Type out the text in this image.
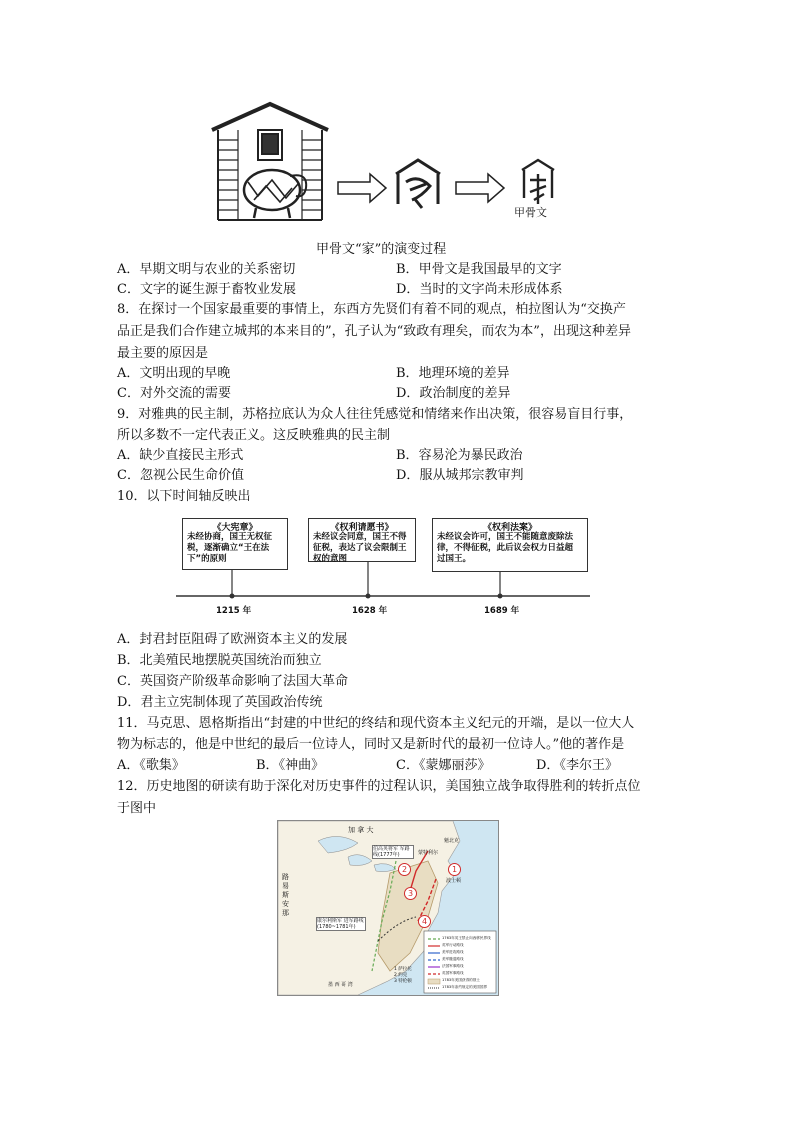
甲骨文
甲骨文“家”的演变过程
A．早期文明与农业的关系密切	B．甲骨文是我国最早的文字
C．文字的诞生源于畜牧业发展	D．当时的文字尚未形成体系
8．在探讨一个国家最重要的事情上，东西方先贤们有着不同的观点，柏拉图认为“交换产
品正是我们合作建立城邦的本来目的”，孔子认为“致政有理矣，而农为本”，出现这种差异
最主要的原因是
A．文明出现的早晚	B．地理环境的差异
C．对外交流的需要	D．政治制度的差异
9．对雅典的民主制，苏格拉底认为众人往往凭感觉和情绪来作出决策，很容易盲目行事，
所以多数不一定代表正义。这反映雅典的民主制
A．缺少直接民主形式	B．容易沦为暴民政治
C．忽视公民生命价值	D．服从城邦宗教审判
10．以下时间轴反映出
《大宪章》
未经协商，国王无权征税，逐渐确立“王在法下”的原则
《权利请愿书》
未经议会同意，国王不得征税，表达了议会限制王权的意图
《权利法案》
未经议会许可，国王不能随意废除法律，不得征税，此后议会权力日益超过国王。
1215 年	1628 年	1689 年
A．封君封臣阻碍了欧洲资本主义的发展
B．北美殖民地摆脱英国统治而独立
C．英国资产阶级革命影响了法国大革命
D．君主立宪制体现了英国政治传统
11．马克思、恩格斯指出“封建的中世纪的终结和现代资本主义纪元的开端，是以一位大人
物为标志的，他是中世纪的最后一位诗人，同时又是新时代的最初一位诗人。”他的著作是
A．《歌集》	B．《神曲》	C．《蒙娜丽莎》	D．《李尔王》
12．历史地图的研读有助于深化对历史事件的过程认识，美国独立战争取得胜利的转折点位
于图中
加 拿 大
路 易 斯 安 那
蒙特利尔
魁北克
波士顿
伯高英将军 军路线(1777年)
康尔利斯军 进军路线 (1780~1781年)
墨 西 哥 湾
2	1
3
4
1 萨拉托
2 约克
3 特伦顿
1763年英王禁止向西移民界线
英军行动路线
美军进攻路线
美军撤退路线
法国军事路线
英国军事路线
1783年美国获得的领土
1783年条约规定的美国国界
